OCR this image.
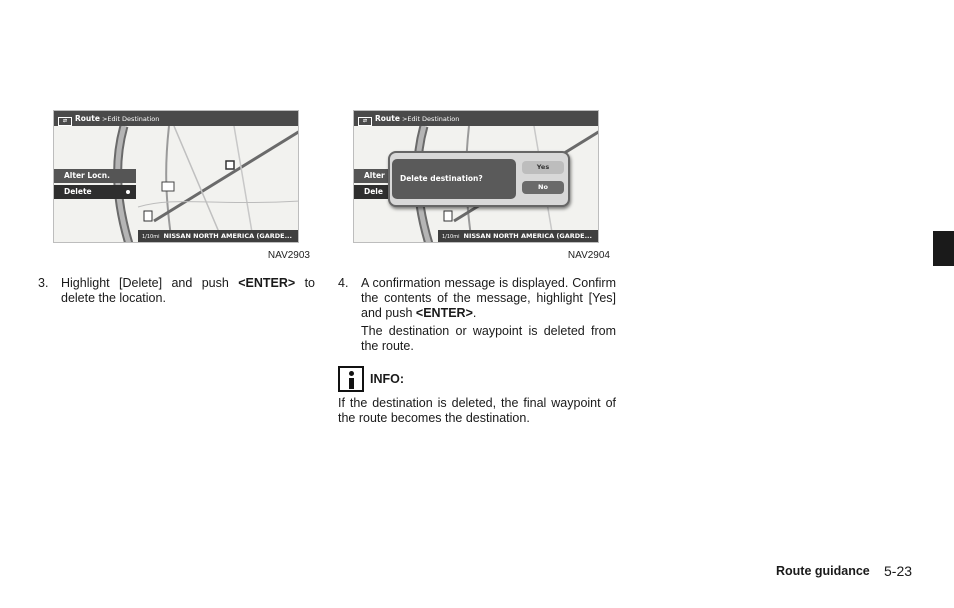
⇄ Route >Edit Destination
Alter Locn.
Delete
1/10mi NISSAN NORTH AMERICA (GARDE...
NAV2903
⇄ Route >Edit Destination
Alter
Dele
Delete destination?
Yes
No
1/10mi NISSAN NORTH AMERICA (GARDE...
NAV2904
3. Highlight [Delete] and push <ENTER> to delete the location.
4. A confirmation message is displayed. Confirm the contents of the message, highlight [Yes] and push <ENTER>.
The destination or waypoint is deleted from the route.
INFO:
If the destination is deleted, the final waypoint of the route becomes the destination.
Route guidance 5-23
